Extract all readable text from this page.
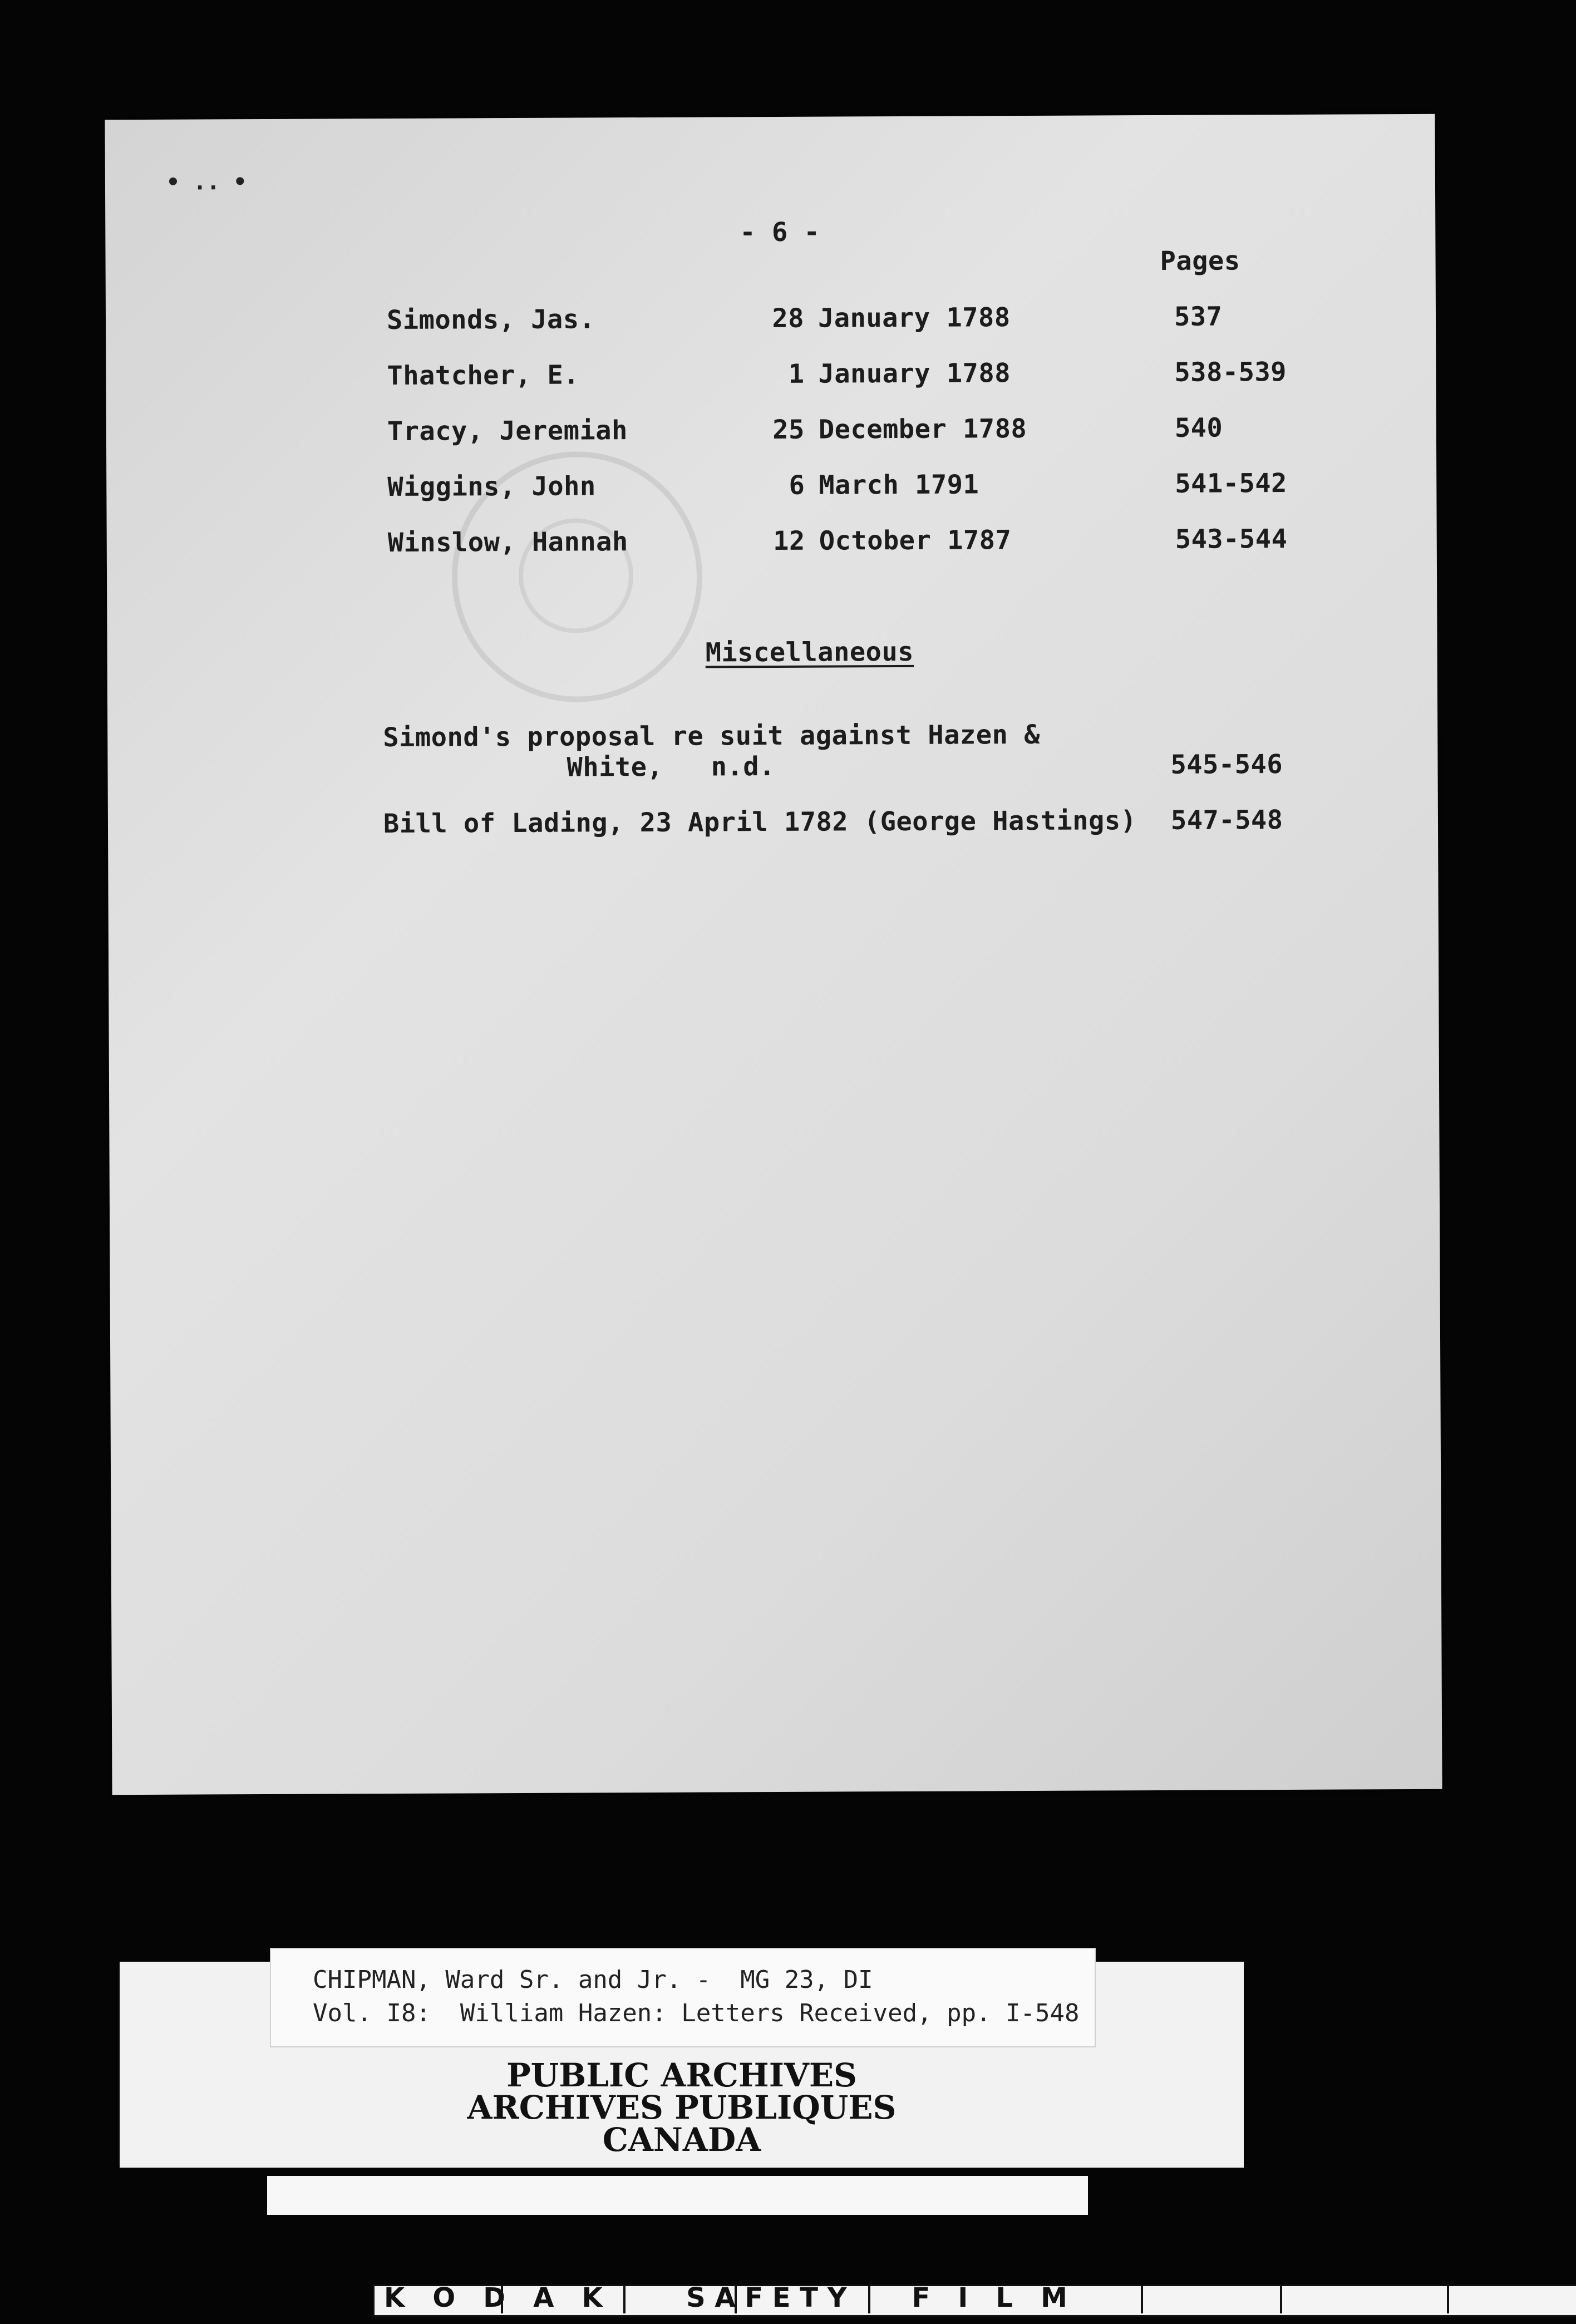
• .. •
- 6 -
Pages
Simonds, Jas.	28 January 1788	537
Thatcher, E.	1 January 1788	538-539
Tracy, Jeremiah	25 December 1788	540
Wiggins, John	6 March 1791	541-542
Winslow, Hannah	12 October 1787	543-544
Miscellaneous
Simond's proposal re suit against Hazen &
White,   n.d.	545-546
Bill of Lading, 23 April 1782 (George Hastings) 547-548
CHIPMAN, Ward Sr. and Jr. -  MG 23, DI
Vol. I8:  William Hazen: Letters Received, pp. I-548
PUBLIC ARCHIVES
ARCHIVES PUBLIQUES
CANADA
K   O   D   A   K         S A F E T Y       F   I   L   M
